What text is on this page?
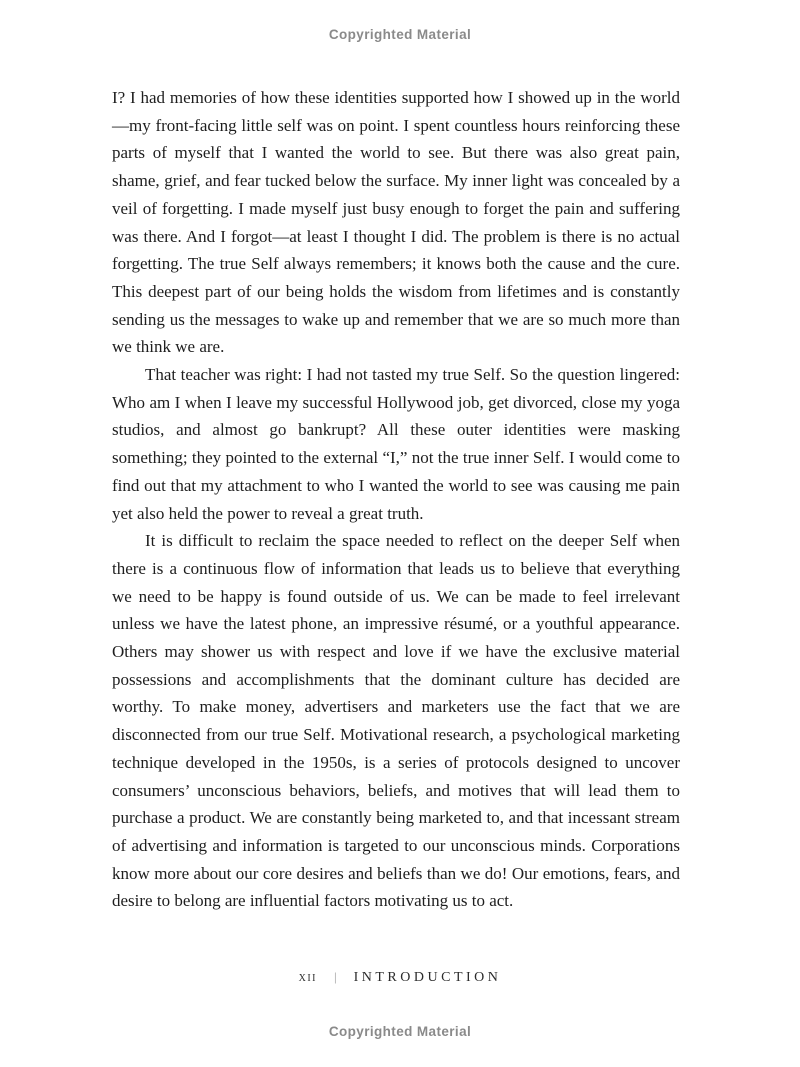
Copyrighted Material

I? I had memories of how these identities supported how I showed up in the world—my front-facing little self was on point. I spent countless hours reinforcing these parts of myself that I wanted the world to see. But there was also great pain, shame, grief, and fear tucked below the surface. My inner light was concealed by a veil of forgetting. I made myself just busy enough to forget the pain and suffering was there. And I forgot—at least I thought I did. The problem is there is no actual forgetting. The true Self always remembers; it knows both the cause and the cure. This deepest part of our being holds the wisdom from lifetimes and is constantly sending us the messages to wake up and remember that we are so much more than we think we are.

That teacher was right: I had not tasted my true Self. So the question lingered: Who am I when I leave my successful Hollywood job, get divorced, close my yoga studios, and almost go bankrupt? All these outer identities were masking something; they pointed to the external “I,” not the true inner Self. I would come to find out that my attachment to who I wanted the world to see was causing me pain yet also held the power to reveal a great truth.

It is difficult to reclaim the space needed to reflect on the deeper Self when there is a continuous flow of information that leads us to believe that everything we need to be happy is found outside of us. We can be made to feel irrelevant unless we have the latest phone, an impressive résumé, or a youthful appearance. Others may shower us with respect and love if we have the exclusive material possessions and accomplishments that the dominant culture has decided are worthy. To make money, advertisers and marketers use the fact that we are disconnected from our true Self. Motivational research, a psychological marketing technique developed in the 1950s, is a series of protocols designed to uncover consumers’ unconscious behaviors, beliefs, and motives that will lead them to purchase a product. We are constantly being marketed to, and that incessant stream of advertising and information is targeted to our unconscious minds. Corporations know more about our core desires and beliefs than we do! Our emotions, fears, and desire to belong are influential factors motivating us to act.

xii | INTRODUCTION
Copyrighted Material
